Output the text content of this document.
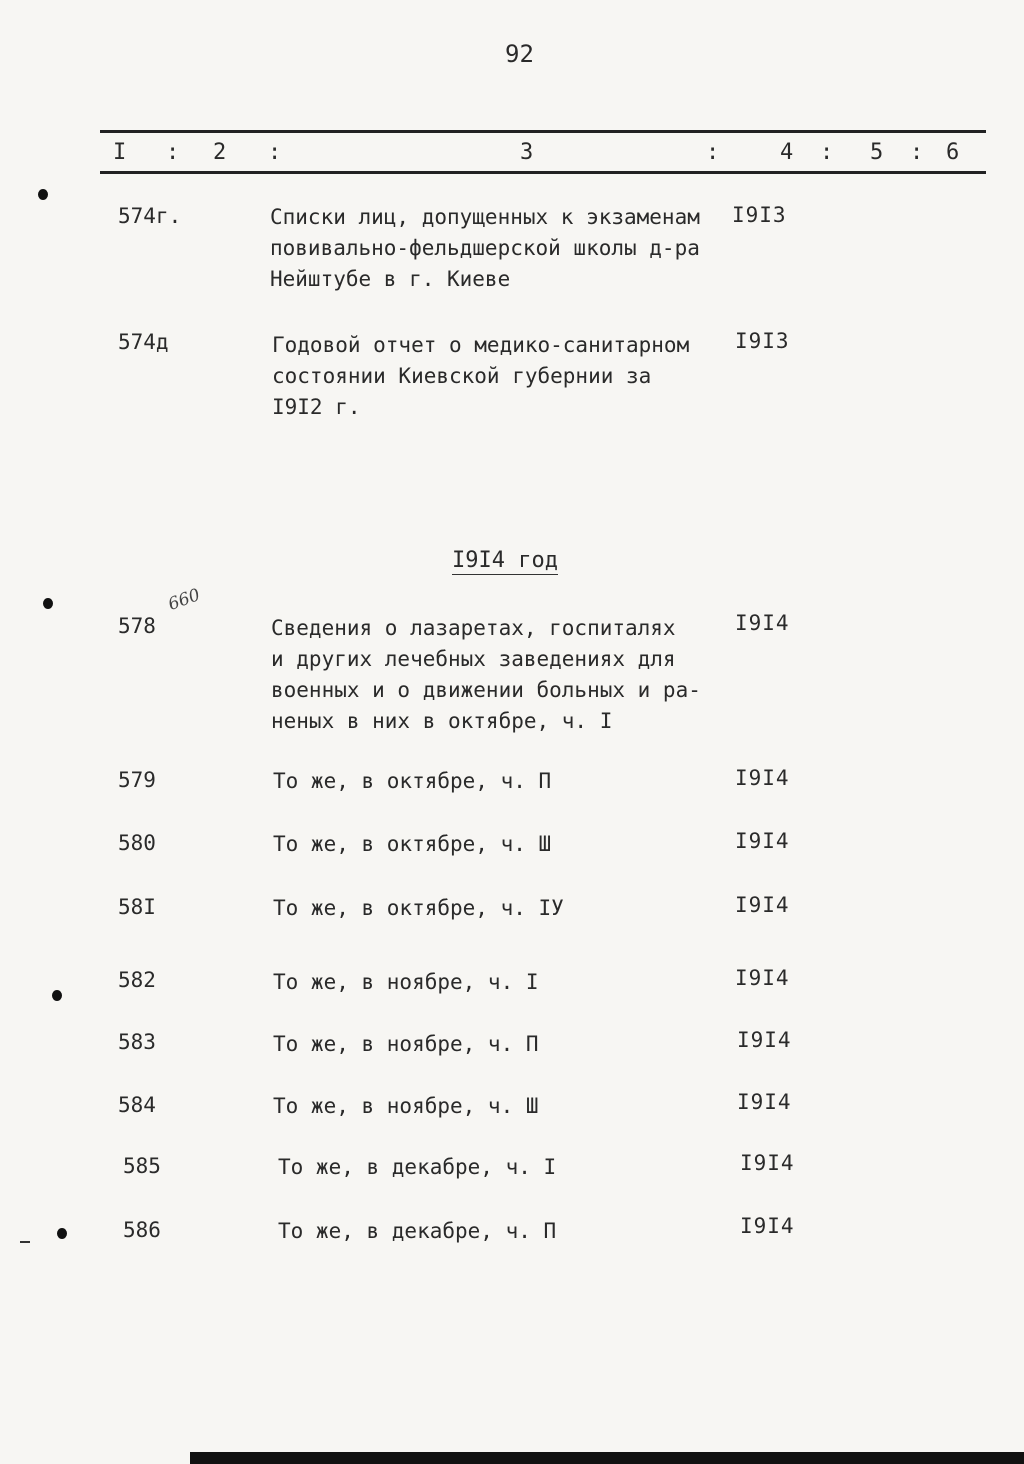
92
I : 2 :	3	:	4 : 5 : 6
574г.	Списки лиц, допущенных к экзаменам
повивально-фельдшерской школы д-ра
Нейштубе в г. Киеве
I9I3
574д	Годовой отчет о медико-санитарном
состоянии Киевской губернии за
I9I2 г.
I9I3
I9I4 год
660
578	Сведения о лазаретах, госпиталях
и других лечебных заведениях для
военных и о движении больных и ра-
неных в них в октябре, ч. I
I9I4
579	То же, в октябре, ч. П	I9I4
580	То же, в октябре, ч. Ш	I9I4
58I	То же, в октябре, ч. IУ	I9I4
582	То же, в ноябре, ч. I	I9I4
583	То же, в ноябре, ч. П	I9I4
584	То же, в ноябре, ч. Ш	I9I4
585	То же, в декабре, ч. I	I9I4
586	То же, в декабре, ч. П	I9I4
